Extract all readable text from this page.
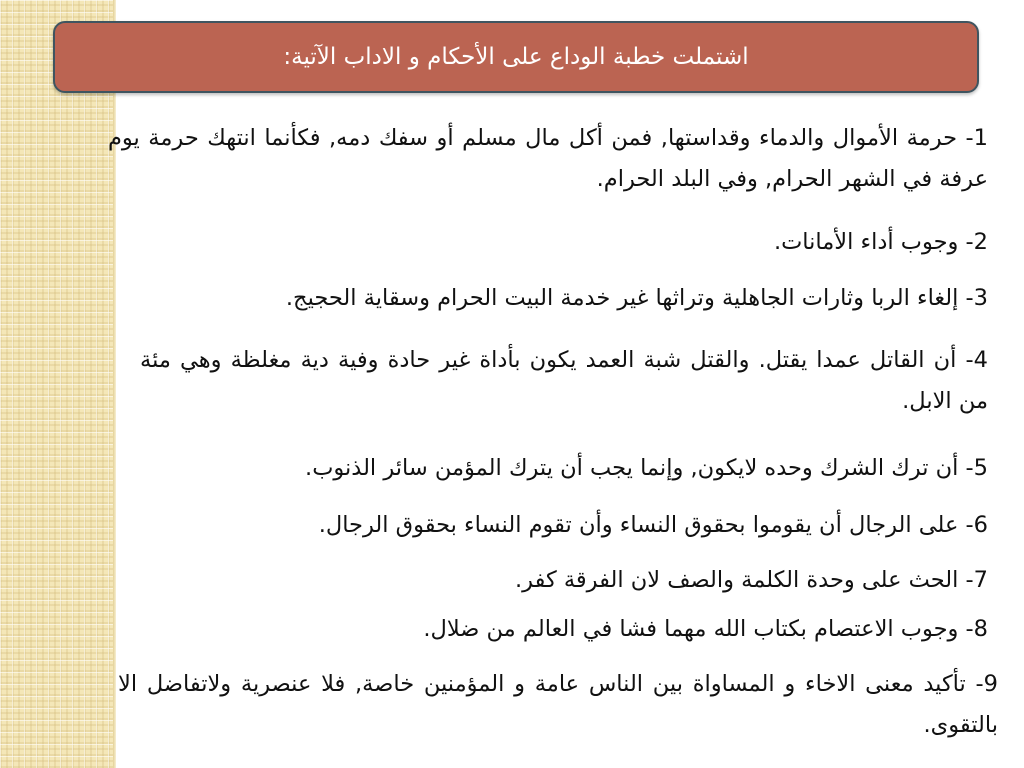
اشتملت خطبة الوداع على الأحكام و الاداب الآتية:
1- حرمة الأموال والدماء وقداستها, فمن أكل مال مسلم أو سفك دمه, فكأنما انتهك حرمة يوم عرفة في الشهر الحرام, وفي البلد الحرام.
2- وجوب أداء الأمانات.
3- إلغاء الربا وثارات الجاهلية وتراثها غير خدمة البيت الحرام وسقاية الحجيج.
4- أن القاتل عمدا يقتل. والقتل شبة العمد يكون بأداة غير حادة وفية دية مغلظة وهي مئة من الابل.
5- أن ترك الشرك وحده لايكون, وإنما يجب أن يترك المؤمن سائر الذنوب.
6- على الرجال أن يقوموا بحقوق النساء وأن تقوم النساء بحقوق الرجال.
7- الحث على وحدة الكلمة والصف لان الفرقة كفر.
8- وجوب الاعتصام بكتاب الله مهما فشا في العالم من ضلال.
9- تأكيد معنى الاخاء و المساواة بين الناس عامة و المؤمنين خاصة, فلا عنصرية ولاتفاضل الا بالتقوى.
